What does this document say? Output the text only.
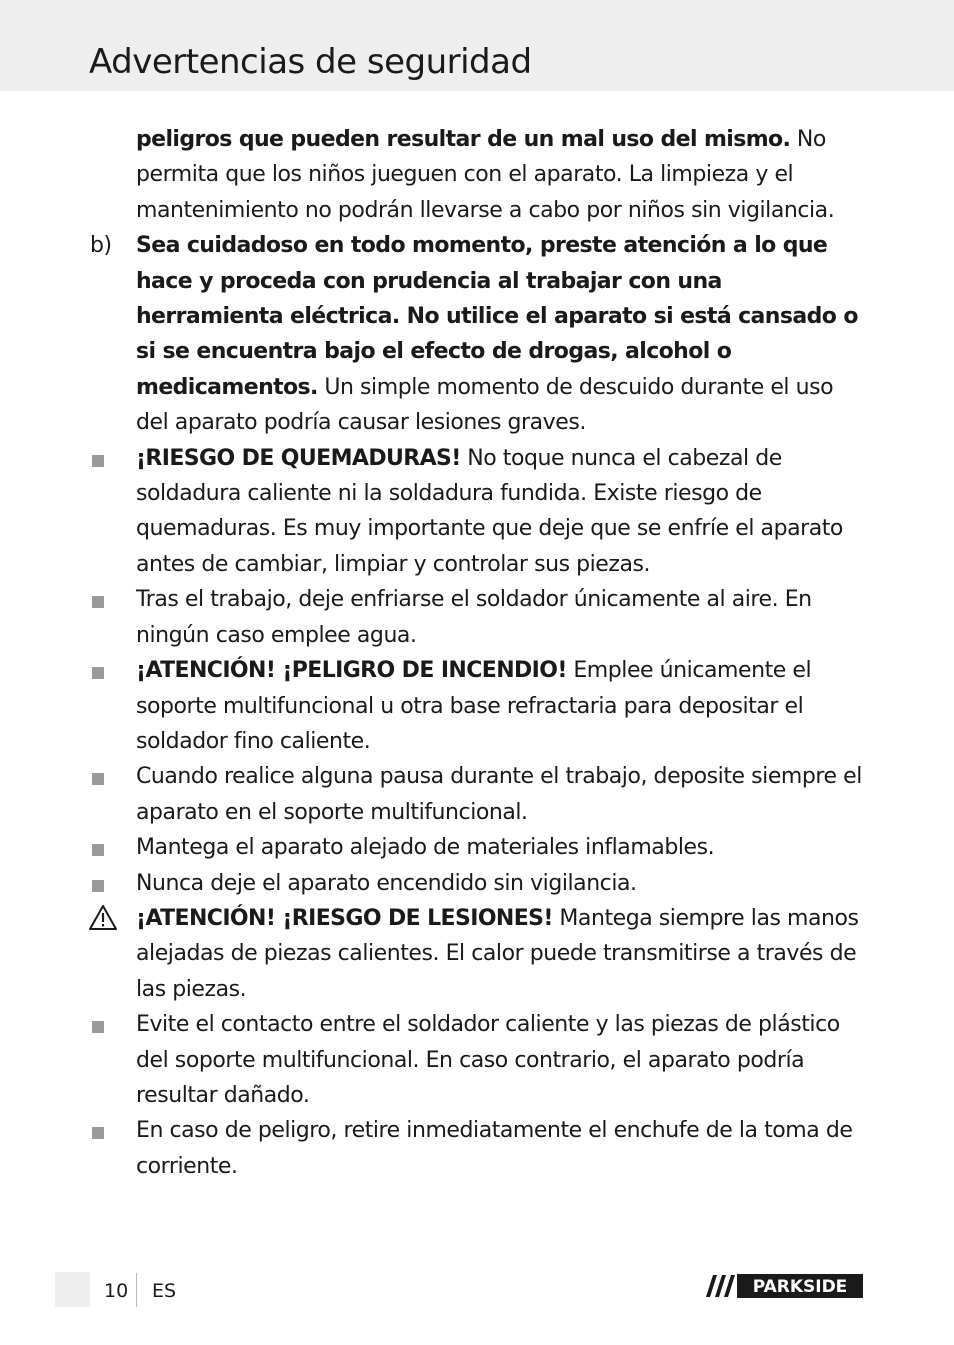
Advertencias de seguridad
peligros que pueden resultar de un mal uso del mismo. No permita que los niños jueguen con el aparato. La limpieza y el mantenimiento no podrán llevarse a cabo por niños sin vigilancia.
b) Sea cuidadoso en todo momento, preste atención a lo que hace y proceda con prudencia al trabajar con una herramienta eléctrica. No utilice el aparato si está cansado o si se encuentra bajo el efecto de drogas, alcohol o medicamentos. Un simple momento de descuido durante el uso del aparato podría causar lesiones graves.
¡RIESGO DE QUEMADURAS! No toque nunca el cabezal de soldadura caliente ni la soldadura fundida. Existe riesgo de quemaduras. Es muy importante que deje que se enfríe el aparato antes de cambiar, limpiar y controlar sus piezas.
Tras el trabajo, deje enfriarse el soldador únicamente al aire. En ningún caso emplee agua.
¡ATENCIÓN! ¡PELIGRO DE INCENDIO! Emplee únicamente el soporte multifuncional u otra base refractaria para depositar el soldador fino caliente.
Cuando realice alguna pausa durante el trabajo, deposite siempre el aparato en el soporte multifuncional.
Mantega el aparato alejado de materiales inflamables.
Nunca deje el aparato encendido sin vigilancia.
¡ATENCIÓN! ¡RIESGO DE LESIONES! Mantega siempre las manos alejadas de piezas calientes. El calor puede transmitirse a través de las piezas.
Evite el contacto entre el soldador caliente y las piezas de plástico del soporte multifuncional. En caso contrario, el aparato podría resultar dañado.
En caso de peligro, retire inmediatamente el enchufe de la toma de corriente.
10 ES	PARKSIDE
